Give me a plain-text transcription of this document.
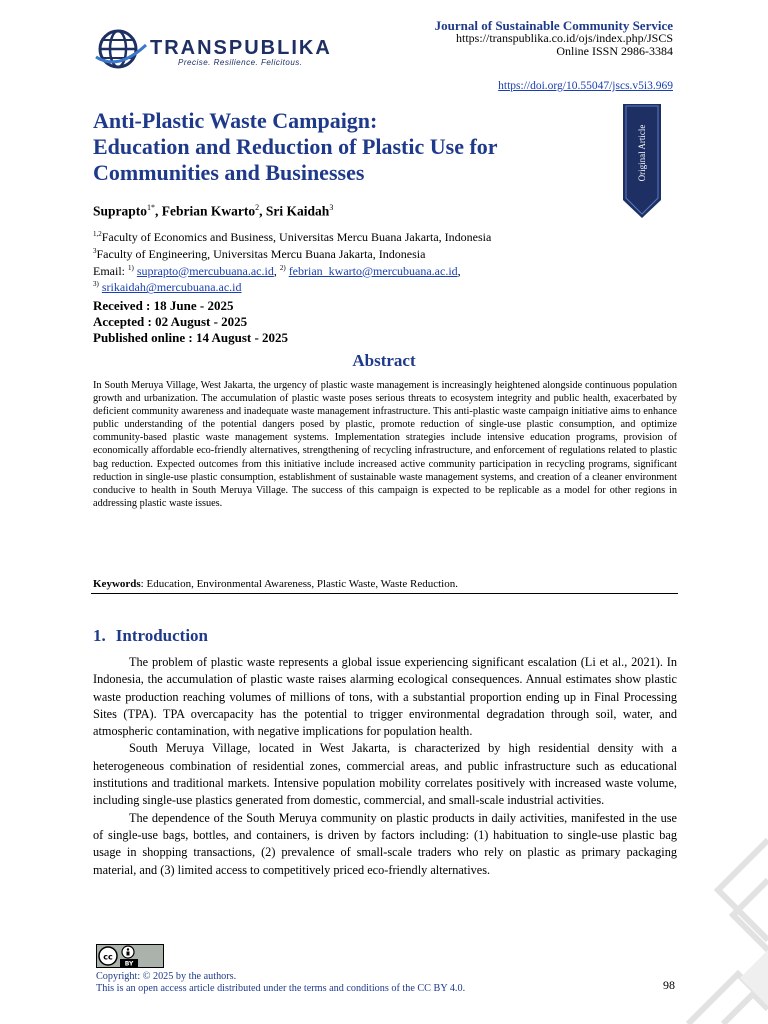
TRANSPUBLIKA
Precise. Resilience. Felicitous.
Journal of Sustainable Community Service
https://transpublika.co.id/ojs/index.php/JSCS
Online ISSN 2986-3384
https://doi.org/10.55047/jscs.v5i3.969
Original Article
Anti-Plastic Waste Campaign:
Education and Reduction of Plastic Use for
Communities and Businesses
Suprapto$^{1*}$, Febrian Kwarto$^2$, Sri Kaidah$^3$
$^{1,2}$Faculty of Economics and Business, Universitas Mercu Buana Jakarta, Indonesia
$^3$Faculty of Engineering, Universitas Mercu Buana Jakarta, Indonesia
Email: $^{1)}$ suprapto@mercubuana.ac.id, $^{2)}$ febrian_kwarto@mercubuana.ac.id,
$^{3)}$ srikaidah@mercubuana.ac.id
Received : 18 June - 2025
Accepted : 02 August - 2025
Published online : 14 August - 2025
Abstract
In South Meruya Village, West Jakarta, the urgency of plastic waste management is increasingly heightened alongside continuous population growth and urbanization. The accumulation of plastic waste poses serious threats to ecosystem integrity and public health, exacerbated by deficient community awareness and inadequate waste management infrastructure. This anti-plastic waste campaign initiative aims to enhance public understanding of the potential dangers posed by plastic, promote reduction of single-use plastic consumption, and optimize community-based plastic waste management systems. Implementation strategies include intensive education programs, provision of economically affordable eco-friendly alternatives, strengthening of recycling infrastructure, and enforcement of regulations related to plastic bag reduction. Expected outcomes from this initiative include increased active community participation in recycling programs, significant reduction in single-use plastic consumption, establishment of sustainable waste management systems, and creation of a cleaner environment conducive to health in South Meruya Village. The success of this campaign is expected to be replicable as a model for other regions in addressing plastic waste issues.
Keywords: Education, Environmental Awareness, Plastic Waste, Waste Reduction.
1. Introduction

The problem of plastic waste represents a global issue experiencing significant escalation (Li et al., 2021). In Indonesia, the accumulation of plastic waste raises alarming ecological consequences. Annual estimates show plastic waste production reaching volumes of millions of tons, with a substantial proportion ending up in Final Processing Sites (TPA). TPA overcapacity has the potential to trigger environmental degradation through soil, water, and atmospheric contamination, with negative implications for population health.

South Meruya Village, located in West Jakarta, is characterized by high residential density with a heterogeneous combination of residential zones, commercial areas, and public infrastructure such as educational institutions and traditional markets. Intensive population mobility correlates positively with increased waste volume, including single-use plastics generated from domestic, commercial, and small-scale industrial activities.

The dependence of the South Meruya community on plastic products in daily activities, manifested in the use of single-use bags, bottles, and containers, is driven by factors including: (1) habituation to single-use plastic bag usage in shopping transactions, (2) prevalence of small-scale traders who rely on plastic as primary packaging material, and (3) limited access to competitively priced eco-friendly alternatives.

cc
BY
Copyright: © 2025 by the authors.
This is an open access article distributed under the terms and conditions of the CC BY 4.0.	98
